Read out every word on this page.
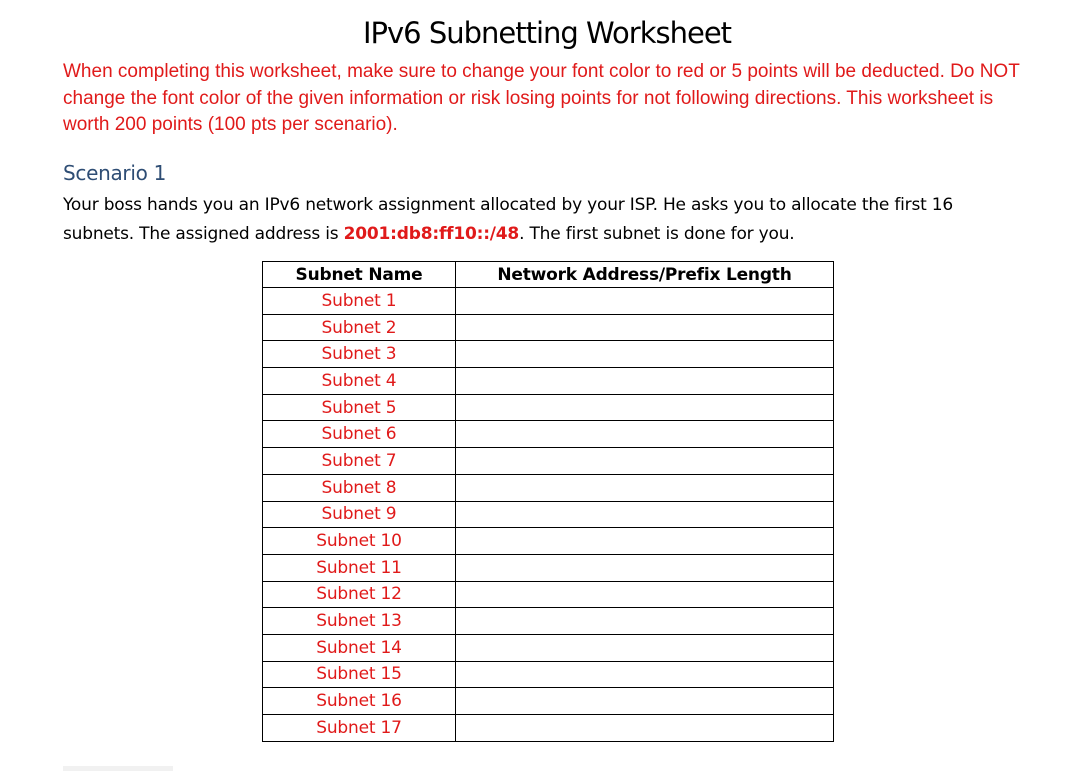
IPv6 Subnetting Worksheet

When completing this worksheet, make sure to change your font color to red or 5 points will be deducted. Do NOT change the font color of the given information or risk losing points for not following directions. This worksheet is worth 200 points (100 pts per scenario).

Scenario 1

Your boss hands you an IPv6 network assignment allocated by your ISP. He asks you to allocate the first 16 subnets. The assigned address is 2001:db8:ff10::/48. The first subnet is done for you.

Subnet Name	Network Address/Prefix Length
Subnet 1	
Subnet 2	
Subnet 3	
Subnet 4	
Subnet 5	
Subnet 6	
Subnet 7	
Subnet 8	
Subnet 9	
Subnet 10	
Subnet 11	
Subnet 12	
Subnet 13	
Subnet 14	
Subnet 15	
Subnet 16	
Subnet 17	
